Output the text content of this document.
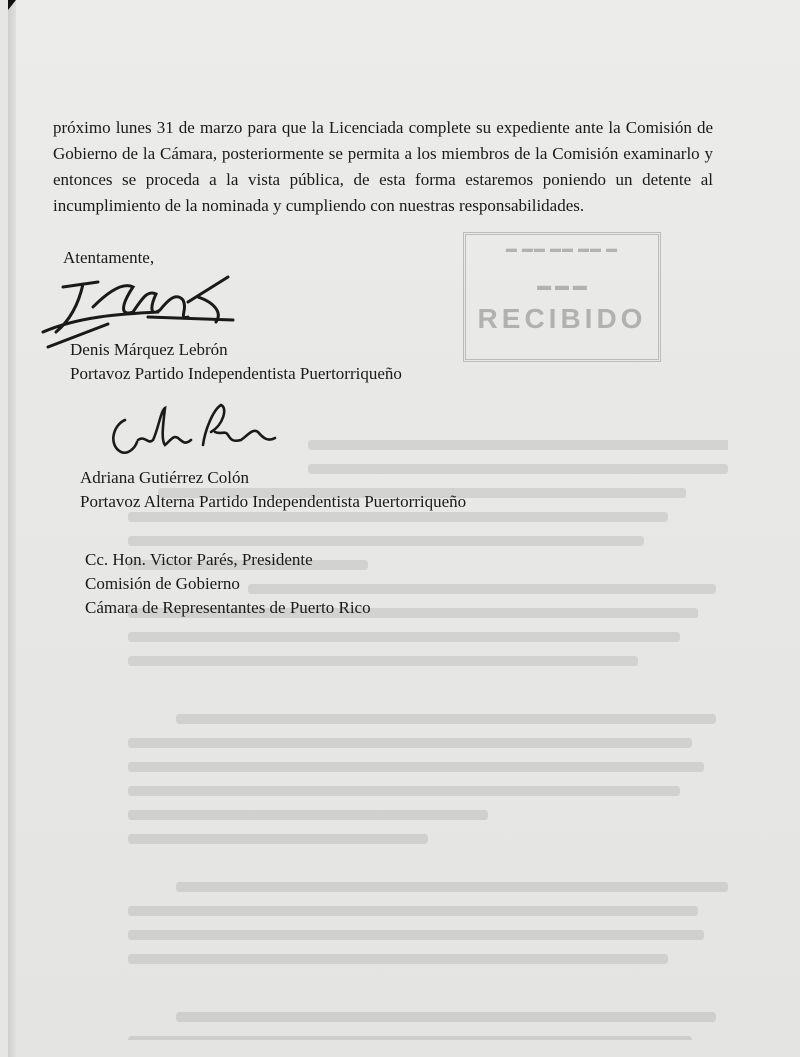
próximo lunes 31 de marzo para que la Licenciada complete su expediente ante la Comisión de Gobierno de la Cámara, posteriormente se permita a los miembros de la Comisión examinarlo y entonces se proceda a la vista pública, de esta forma estaremos poniendo un detente al incumplimiento de la nominada y cumpliendo con nuestras responsabilidades.
▬ ▬▬ ▬▬ ▬▬ ▬
▬ ▬ ▬
RECIBIDO
Atentamente,
Denis Márquez Lebrón
Portavoz Partido Independentista Puertorriqueño
Adriana Gutiérrez Colón
Portavoz Alterna Partido Independentista Puertorriqueño
Cc. Hon. Victor Parés, Presidente
Comisión de Gobierno
Cámara de Representantes de Puerto Rico
